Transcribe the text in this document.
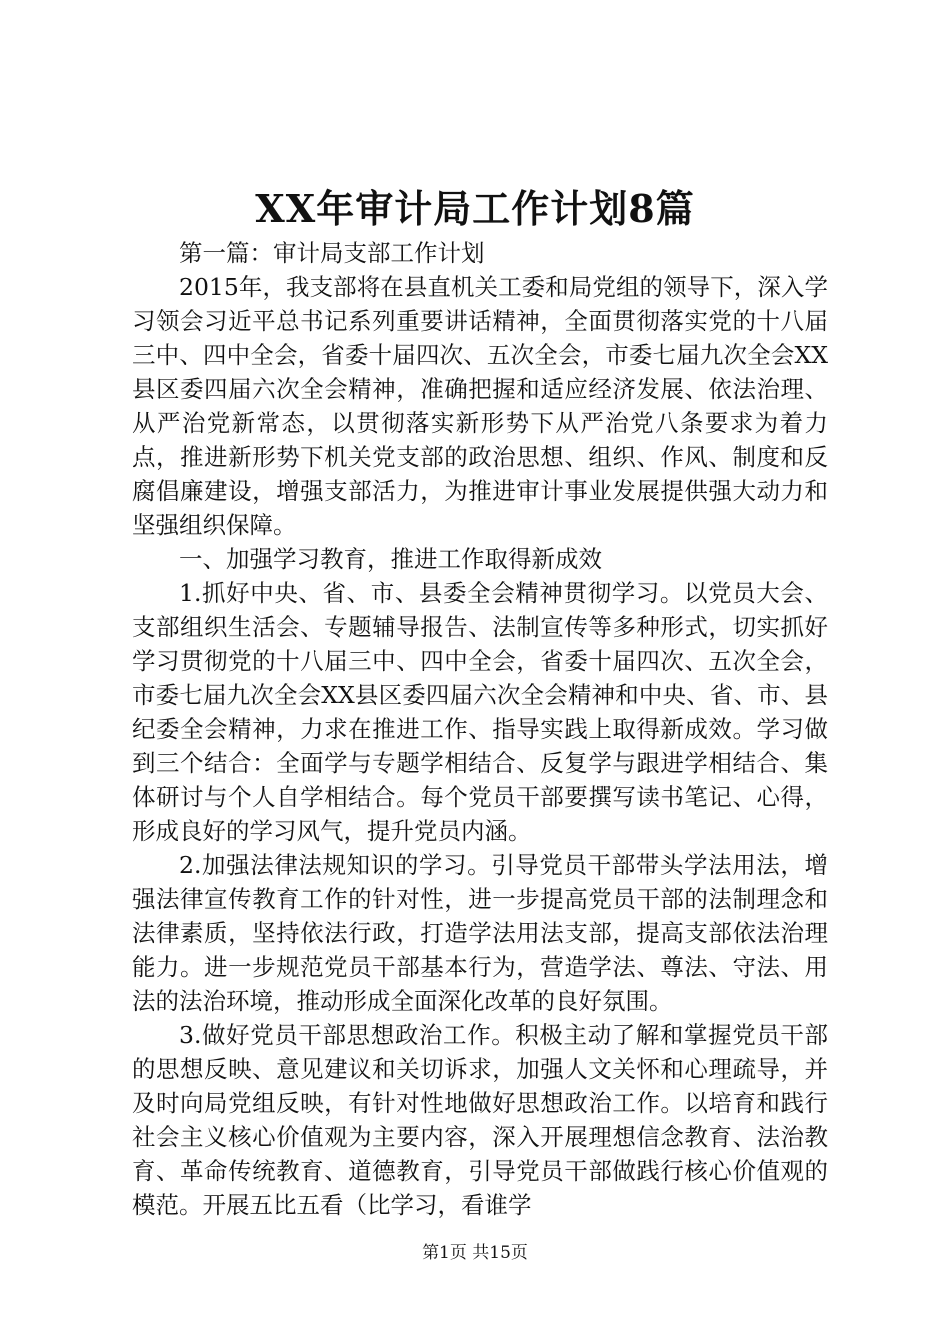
XX年审计局工作计划8篇

第一篇：审计局支部工作计划

2015年，我支部将在县直机关工委和局党组的领导下，深入学习领会习近平总书记系列重要讲话精神，全面贯彻落实党的十八届三中、四中全会，省委十届四次、五次全会，市委七届九次全会XX县区委四届六次全会精神，准确把握和适应经济发展、依法治理、从严治党新常态，以贯彻落实新形势下从严治党八条要求为着力点，推进新形势下机关党支部的政治思想、组织、作风、制度和反腐倡廉建设，增强支部活力，为推进审计事业发展提供强大动力和坚强组织保障。

一、加强学习教育，推进工作取得新成效

1.抓好中央、省、市、县委全会精神贯彻学习。以党员大会、支部组织生活会、专题辅导报告、法制宣传等多种形式，切实抓好学习贯彻党的十八届三中、四中全会，省委十届四次、五次全会，市委七届九次全会XX县区委四届六次全会精神和中央、省、市、县纪委全会精神，力求在推进工作、指导实践上取得新成效。学习做到三个结合：全面学与专题学相结合、反复学与跟进学相结合、集体研讨与个人自学相结合。每个党员干部要撰写读书笔记、心得，形成良好的学习风气，提升党员内涵。

2.加强法律法规知识的学习。引导党员干部带头学法用法，增强法律宣传教育工作的针对性，进一步提高党员干部的法制理念和法律素质，坚持依法行政，打造学法用法支部，提高支部依法治理能力。进一步规范党员干部基本行为，营造学法、尊法、守法、用法的法治环境，推动形成全面深化改革的良好氛围。

3.做好党员干部思想政治工作。积极主动了解和掌握党员干部的思想反映、意见建议和关切诉求，加强人文关怀和心理疏导，并及时向局党组反映，有针对性地做好思想政治工作。以培育和践行社会主义核心价值观为主要内容，深入开展理想信念教育、法治教育、革命传统教育、道德教育，引导党员干部做践行核心价值观的模范。开展五比五看（比学习，看谁学

第1页 共15页
